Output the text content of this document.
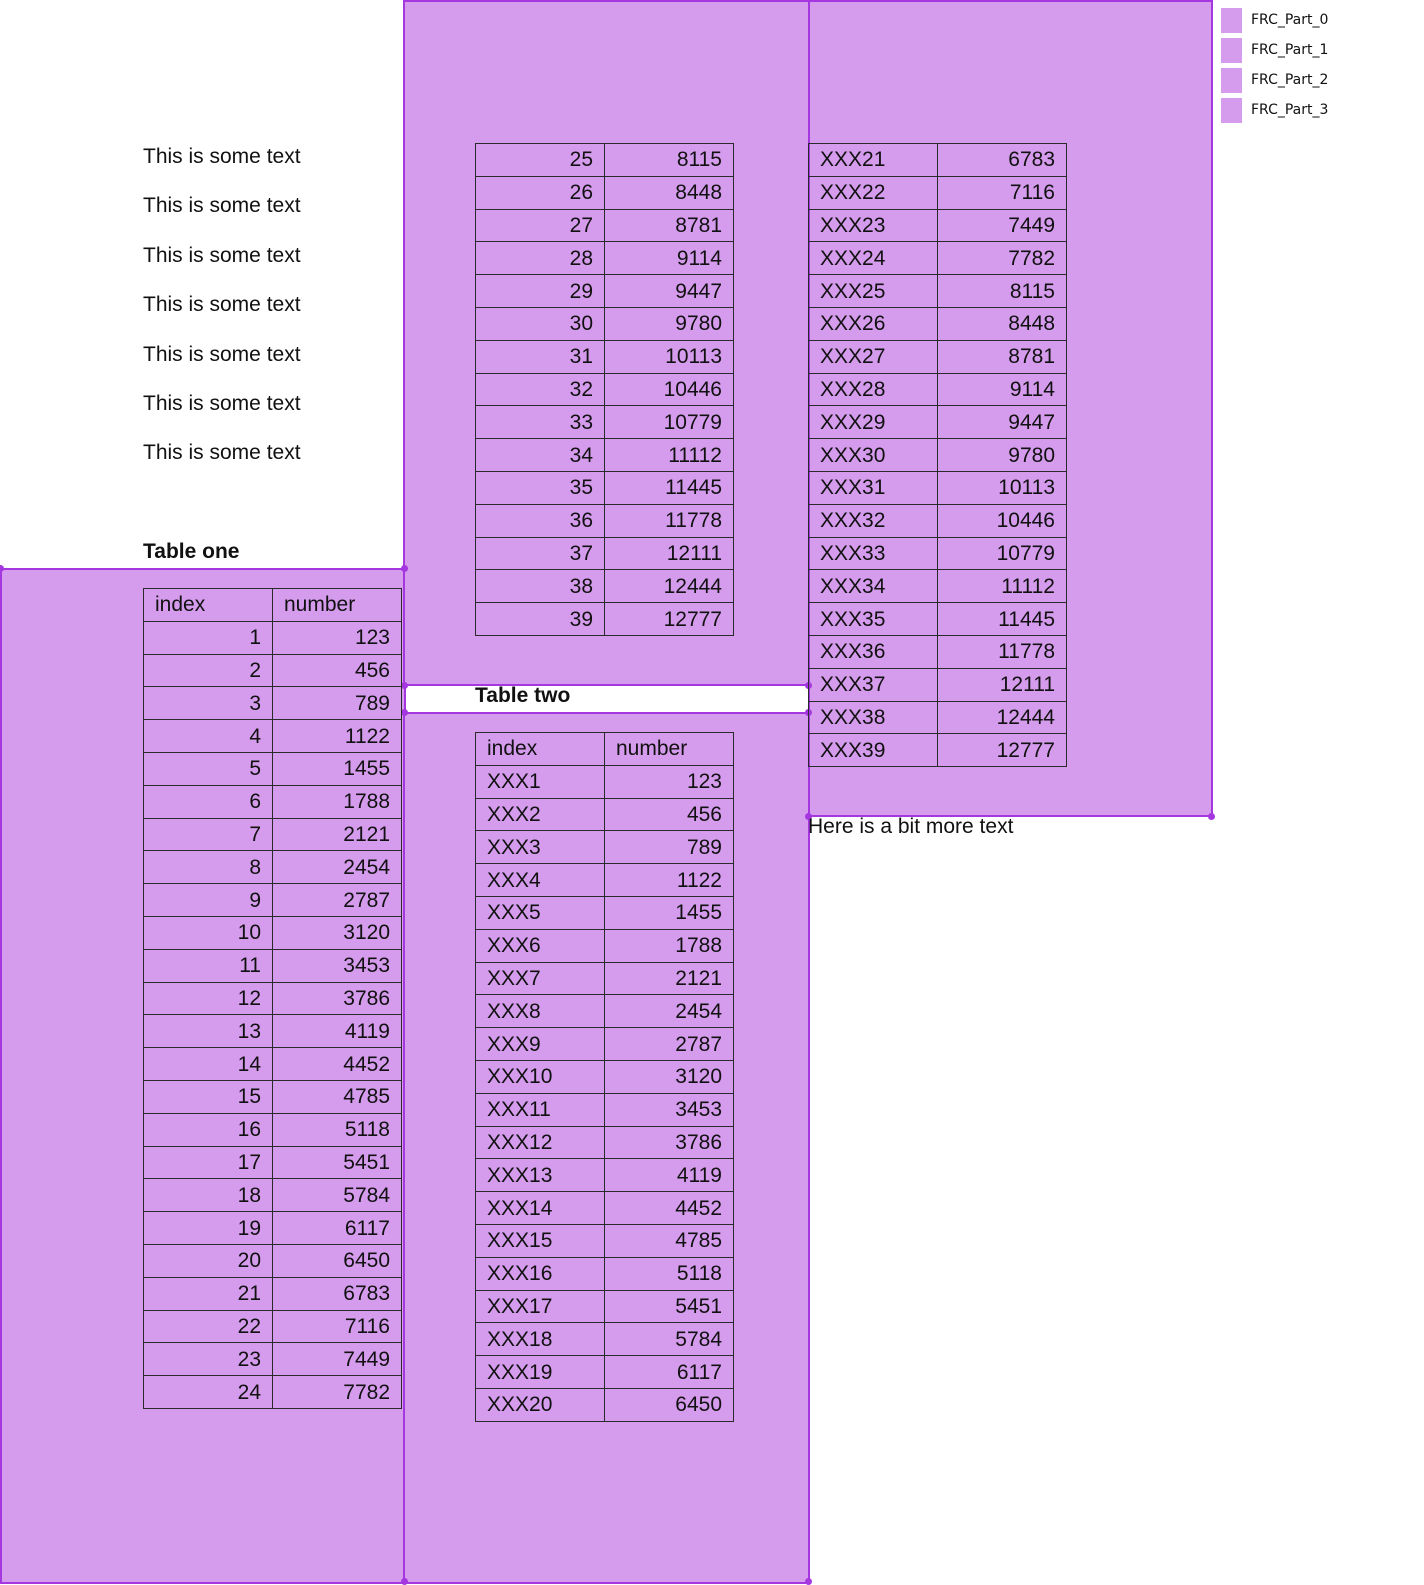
This is some text
This is some text
This is some text
This is some text
This is some text
This is some text
This is some text
Table one
index	number
1	123
2	456
3	789
4	1122
5	1455
6	1788
7	2121
8	2454
9	2787
10	3120
11	3453
12	3786
13	4119
14	4452
15	4785
16	5118
17	5451
18	5784
19	6117
20	6450
21	6783
22	7116
23	7449
24	7782
25	8115
26	8448
27	8781
28	9114
29	9447
30	9780
31	10113
32	10446
33	10779
34	11112
35	11445
36	11778
37	12111
38	12444
39	12777
Table two
index	number
XXX1	123
XXX2	456
XXX3	789
XXX4	1122
XXX5	1455
XXX6	1788
XXX7	2121
XXX8	2454
XXX9	2787
XXX10	3120
XXX11	3453
XXX12	3786
XXX13	4119
XXX14	4452
XXX15	4785
XXX16	5118
XXX17	5451
XXX18	5784
XXX19	6117
XXX20	6450
XXX21	6783
XXX22	7116
XXX23	7449
XXX24	7782
XXX25	8115
XXX26	8448
XXX27	8781
XXX28	9114
XXX29	9447
XXX30	9780
XXX31	10113
XXX32	10446
XXX33	10779
XXX34	11112
XXX35	11445
XXX36	11778
XXX37	12111
XXX38	12444
XXX39	12777
Here is a bit more text
FRC_Part_0
FRC_Part_1
FRC_Part_2
FRC_Part_3
